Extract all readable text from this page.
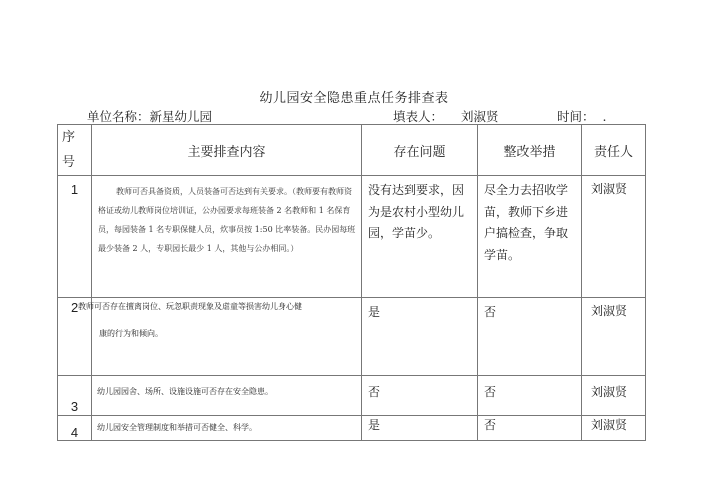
幼儿园安全隐患重点任务排查表
单位名称：新星幼儿园	填表人： 刘淑贤	时间： .
序
号	主要排查内容	存在问题	整改举措	责任人
1	教师可否具备资质，人员装备可否达到有关要求。（教师要有教师资格证或幼儿教师岗位培训证，公办园要求每班装备 2 名教师和 1 名保育员，每园装备 1 名专职保健人员，炊事员按 1:50 比率装备。民办园每班最少装备 2 人，专职园长最少 1 人，其他与公办相同。）	没有达到要求，因为是农村小型幼儿园，学苗少。	尽全力去招收学苗，教师下乡进户搞检查，争取学苗。	刘淑贤

2	教师可否存在擅离岗位、玩忽职责现象及虐童等损害幼儿身心健
康的行为和倾向。	是	否	刘淑贤
3	幼儿园园舍、场所、设施设施可否存在安全隐患。	否	否	刘淑贤
4	幼儿园安全管理制度和举措可否健全、科学。	是	否	刘淑贤
